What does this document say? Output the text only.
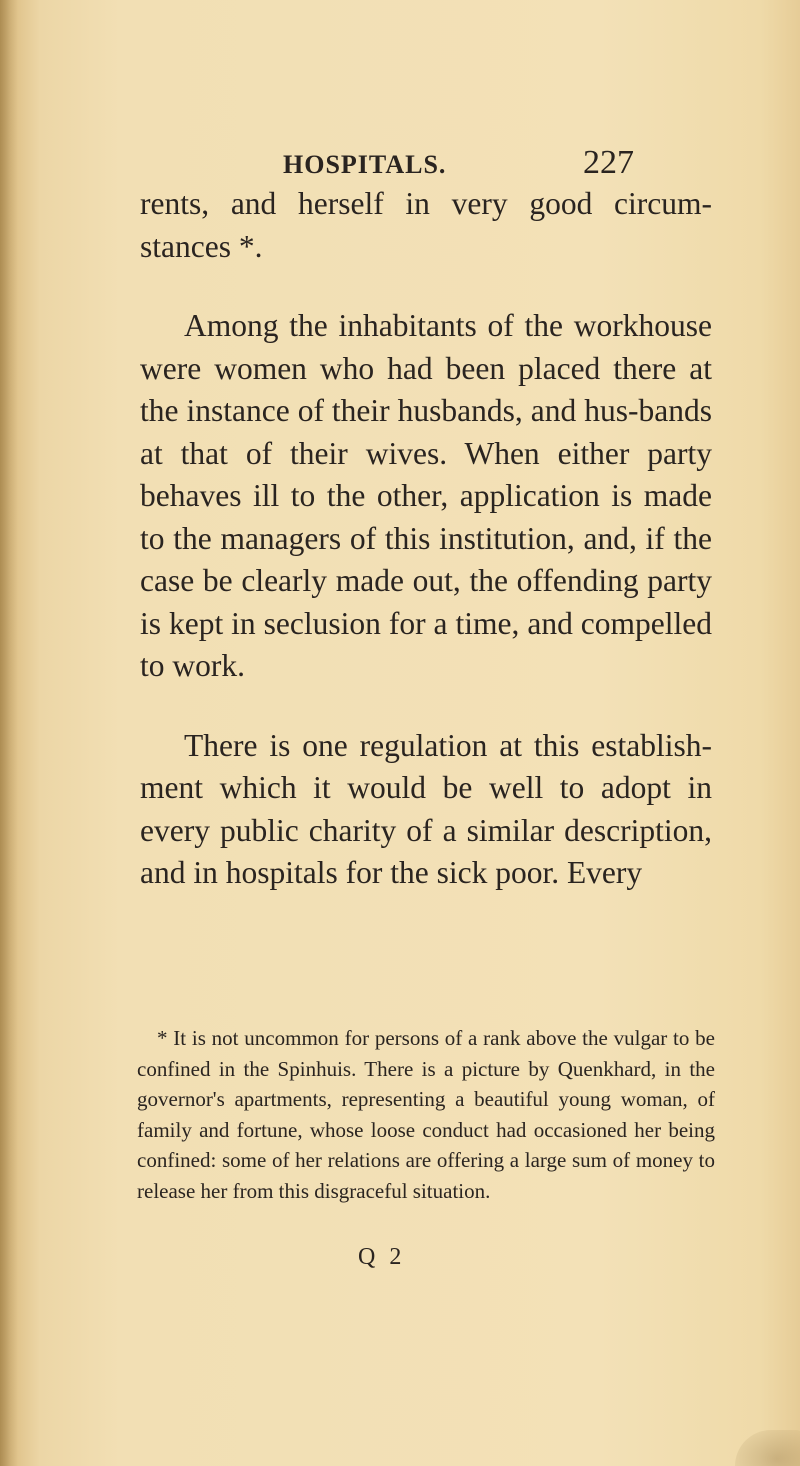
HOSPITALS.	227

rents, and herself in very good circum-stances *.

Among the inhabitants of the workhouse were women who had been placed there at the instance of their husbands, and hus-bands at that of their wives. When either party behaves ill to the other, application is made to the managers of this institution, and, if the case be clearly made out, the offending party is kept in seclusion for a time, and compelled to work.

There is one regulation at this establish-ment which it would be well to adopt in every public charity of a similar description, and in hospitals for the sick poor. Every

* It is not uncommon for persons of a rank above the vulgar to be confined in the Spinhuis. There is a picture by Quenkhard, in the governor's apartments, representing a beautiful young woman, of family and fortune, whose loose conduct had occasioned her being confined: some of her relations are offering a large sum of money to release her from this disgraceful situation.

Q 2
